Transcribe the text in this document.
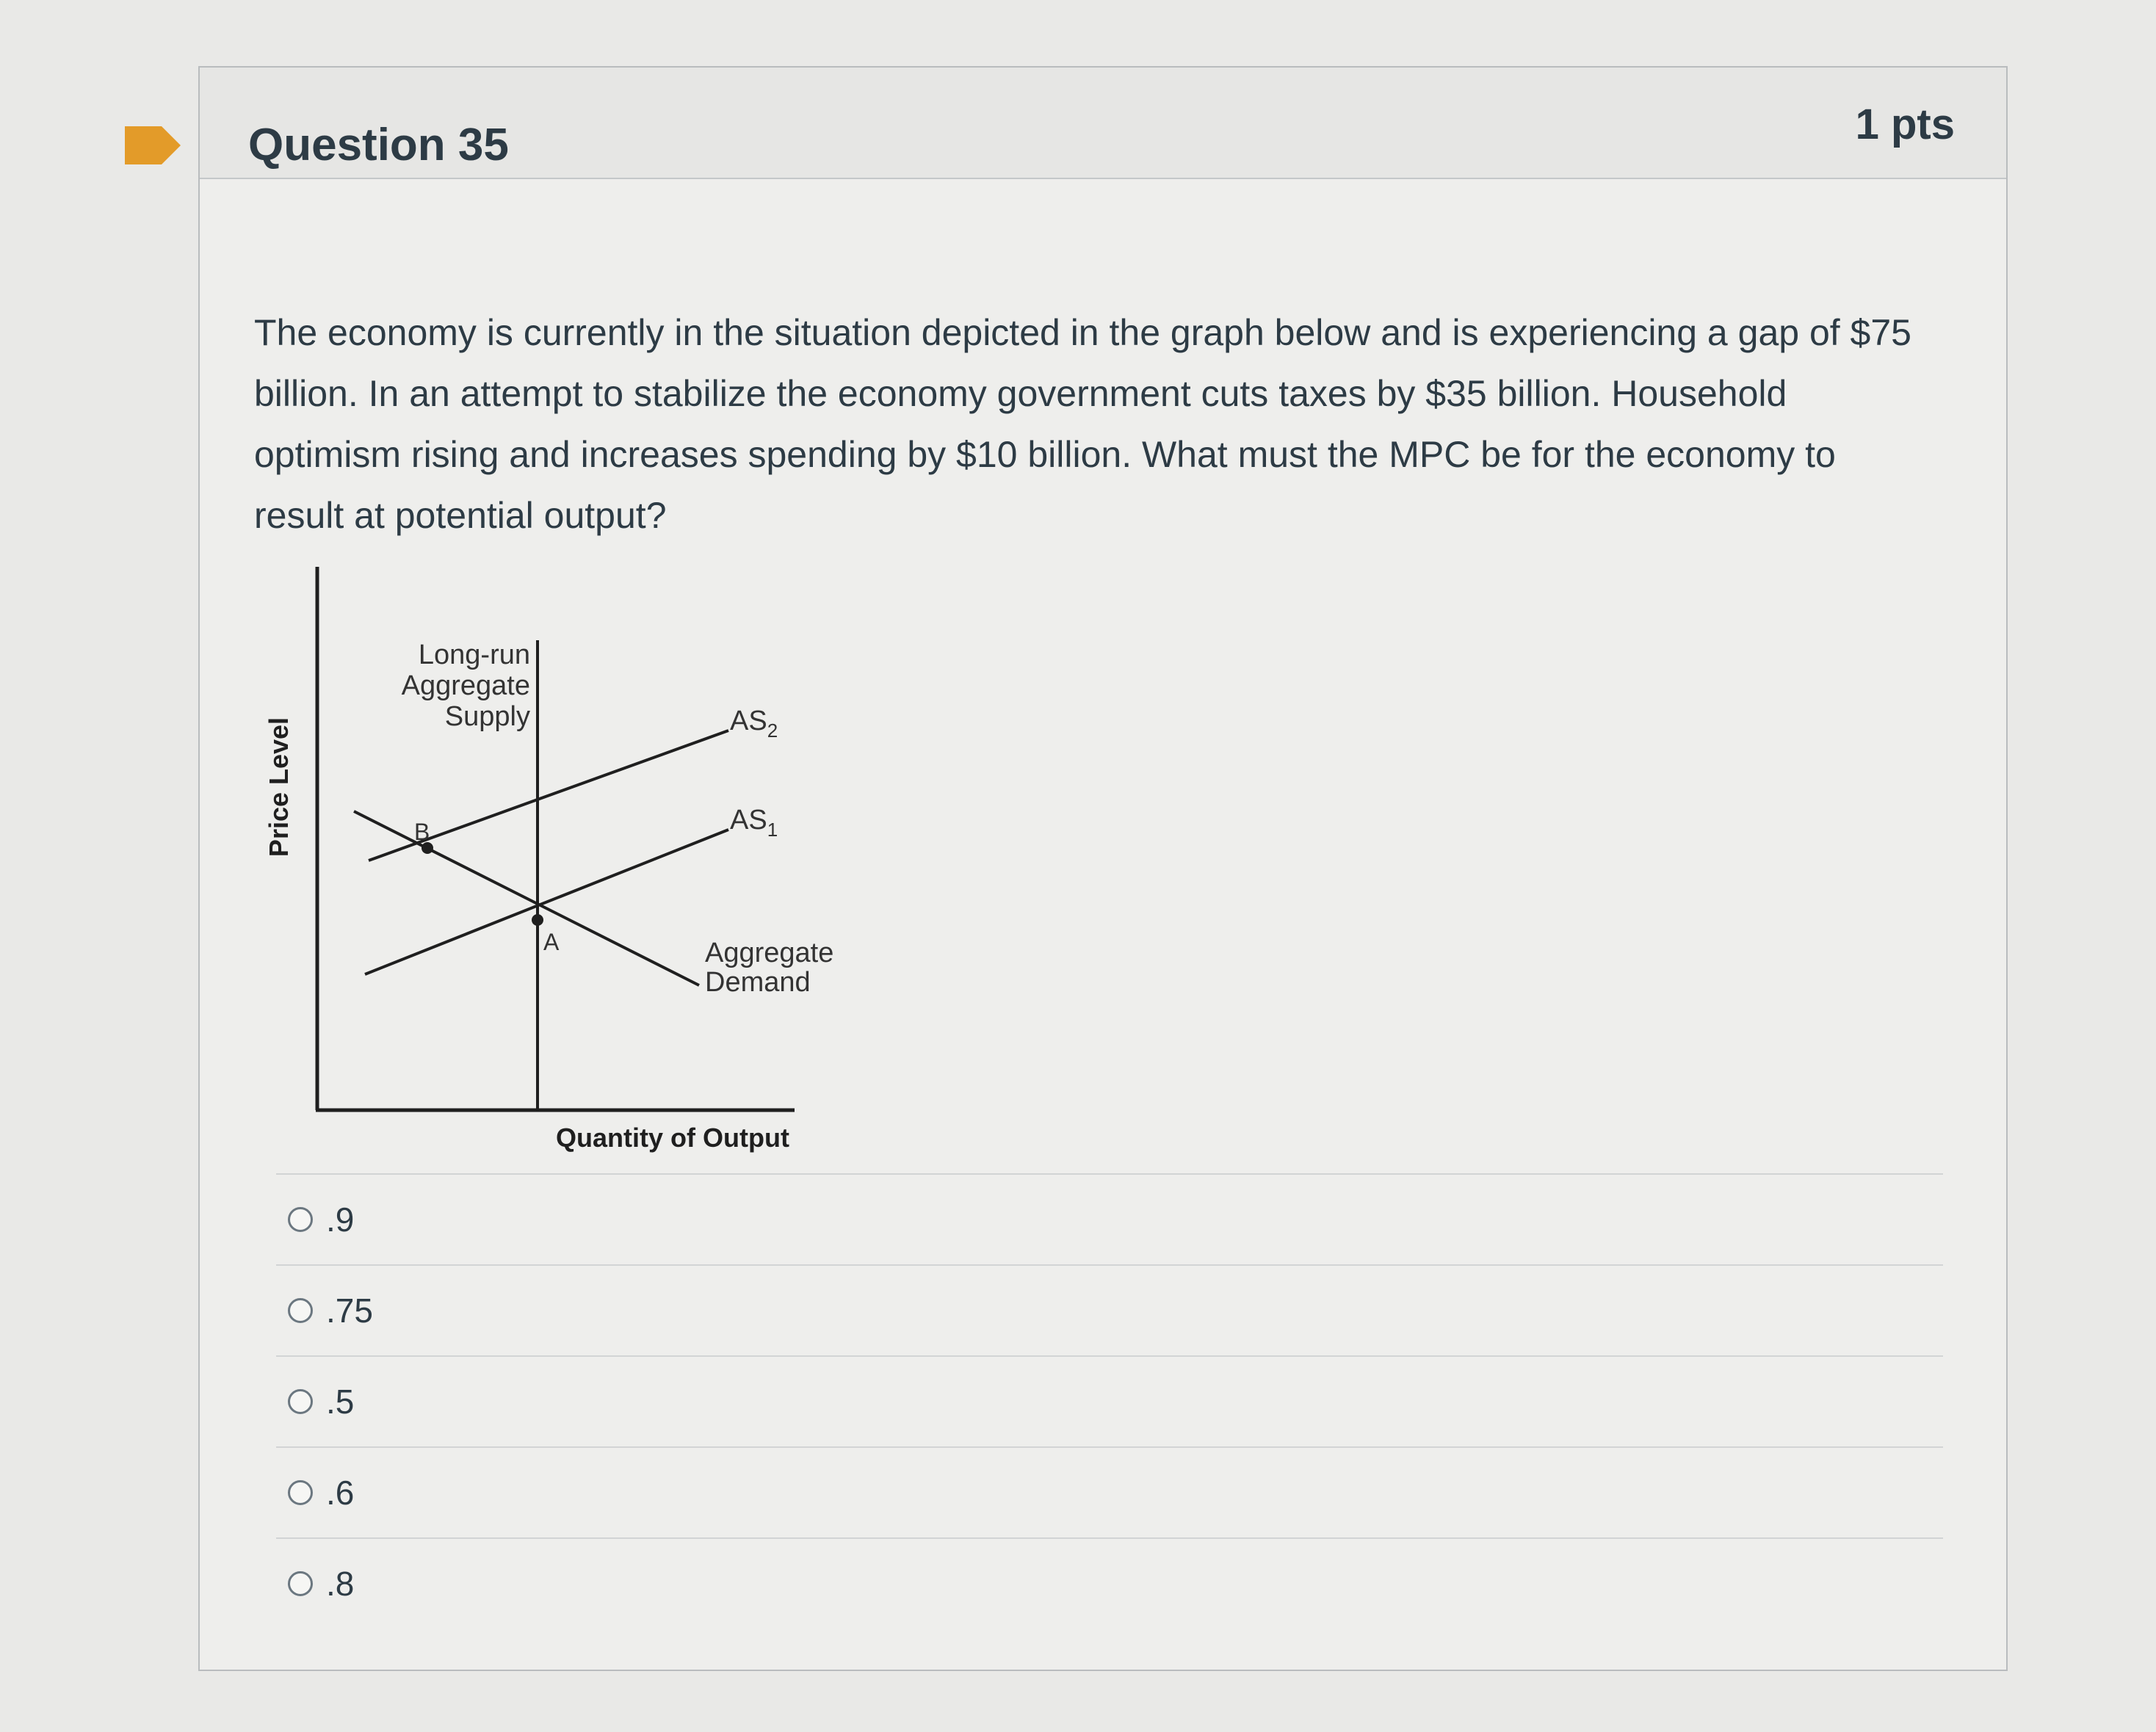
Question 35	1 pts
The economy is currently in the situation depicted in the graph below and is experiencing a gap of $75 billion. In an attempt to stabilize the economy government cuts taxes by $35 billion. Household optimism rising and increases spending by $10 billion. What must the MPC be for the economy to result at potential output?
Price Level
Quantity of Output
Long-run
Aggregate
Supply	$AS_2$
$AS_1$
Aggregate
Demand
B
A
.9
.75
.5
.6
.8
